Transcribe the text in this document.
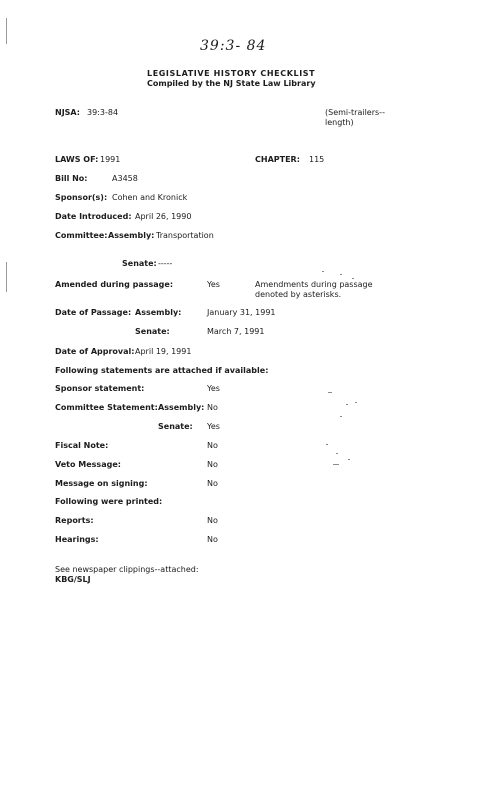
39:3- 84
LEGISLATIVE HISTORY CHECKLIST
Compiled by the NJ State Law Library
NJSA: 39:3-84	(Semi-trailers--
length)
LAWS OF: 1991	CHAPTER: 115
Bill No:	A3458
Sponsor(s): Cohen and Kronick
Date Introduced: April 26, 1990
Committee: Assembly: Transportation
Senate: -----
Amended during passage:	Yes	Amendments during passage
denoted by asterisks.
Date of Passage: Assembly:	January 31, 1991
Senate:	March 7, 1991
Date of Approval: April 19, 1991
Following statements are attached if available:
Sponsor statement:	Yes
Committee Statement: Assembly: No
Senate: Yes
Fiscal Note:	No
Veto Message:	No
Message on signing:	No
Following were printed:
Reports:	No
Hearings:	No
See newspaper clippings--attached:
KBG/SLJ
